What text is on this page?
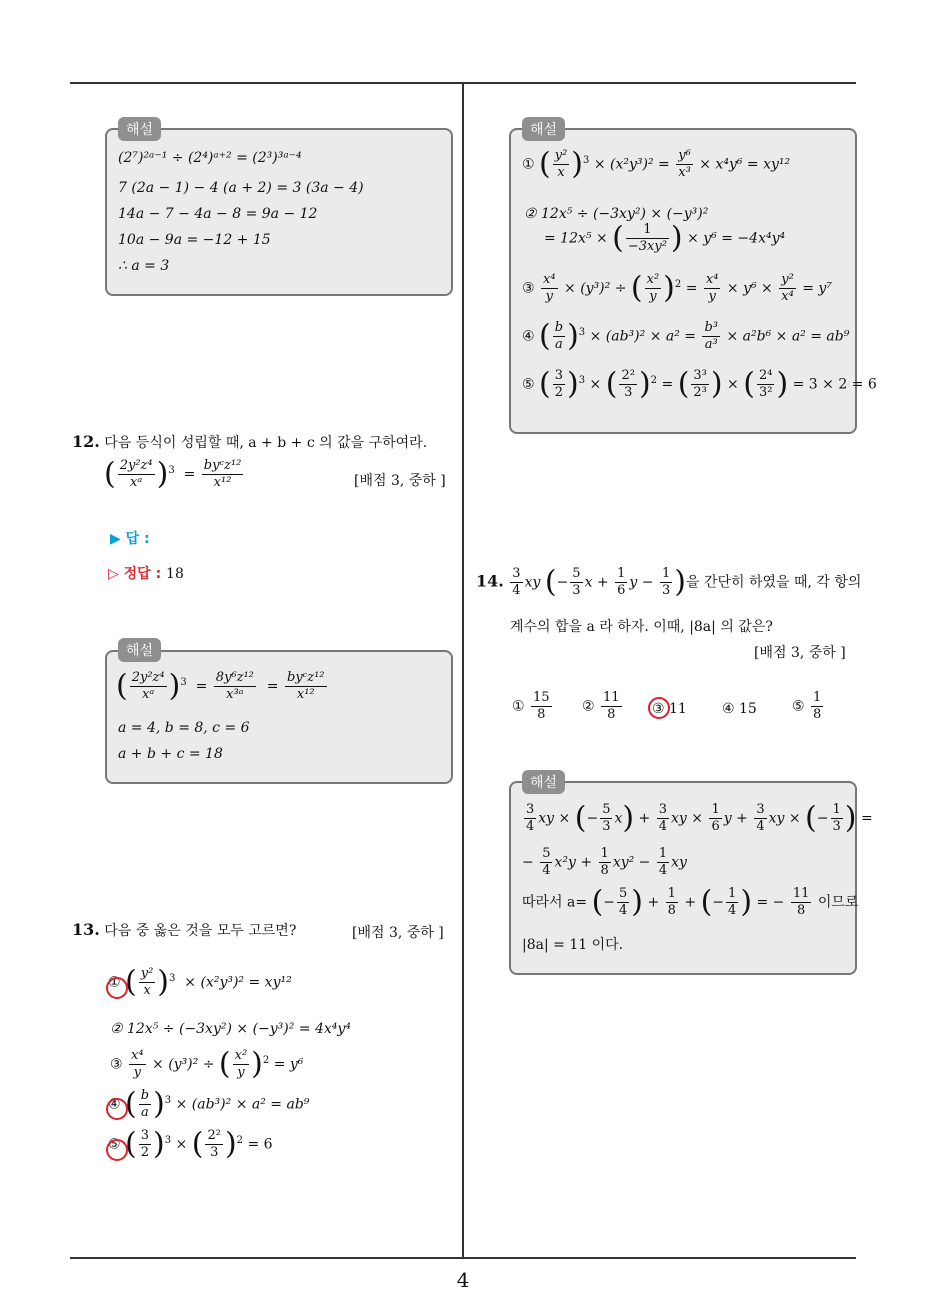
해설
(2⁷)²ᵃ⁻¹ ÷ (2⁴)ᵃ⁺² = (2³)³ᵃ⁻⁴
7 (2a − 1) − 4 (a + 2) = 3 (3a − 4)
14a − 7 − 4a − 8 = 9a − 12
10a − 9a = −12 + 15
∴ a = 3
12. 다음 등식이 성립할 때, a + b + c 의 값을 구하여라.
( $\frac{\text{2y²z⁴}}{\text{xᵃ}} )^3 = \frac{\text{byᶜz¹²}}{\text{x¹²}}$	[배점 3, 중하 ]
▶ 답 :
▷ 정답 : 18
해설
( $\frac{\text{2y²z⁴}}{\text{xᵃ}} )^3 = \frac{\text{8y⁶z¹²}}{\text{x³ᵃ}} = \frac{\text{byᶜz¹²}}{\text{x¹²}}$
a = 4, b = 8, c = 6
a + b + c = 18
13. 다음 중 옳은 것을 모두 고르면?	[배점 3, 중하 ]
① ( $\frac{\text{y²}}{x} )^3 \times (x^2y^3)^2 = xy^{12}$
② 12x⁵ ÷ (−3xy²) × (−y³)² = 4x⁴y⁴
③ $\frac{\text{x⁴}}{y} \times (y^3)^2$ ÷ ( $\frac{\text{x²}}{y} )^2 = y^6$
④ ( $\frac{b}{a} )^3 \times (ab^3)^2 \times a^2 = ab^9$
⑤ ( $\frac{3}{2} )^3$ × ( $\frac{\text{2²}}{3} )^2 = 6$
해설
① ( $\frac{\text{y²}}{x} )^3 \times (x^2y^3)^2 = \frac{\text{y⁶}}{\text{x³}} \times x^4y^6 = xy^{12}$
② 12x⁵ ÷ (−3xy²) × (−y³)²
= 12x⁵ × ( $\frac{1}{\text{−3xy²}}$ ) × y⁶ = −4x⁴y⁴
③ $\frac{\text{x⁴}}{y} \times (y^3)^2$ ÷ ( $\frac{\text{x²}}{y} )^2 = \frac{\text{x⁴}}{y} \times y^6 \times \frac{\text{y²}}{\text{x⁴}} = y^7$
④ ( $\frac{b}{a} )^3 \times (ab^3)^2 \times a^2 = \frac{\text{b³}}{\text{a³}} \times a^2b^6 \times a^2 = ab^9$
⑤ ( $\frac{3}{2} )^3$ × ( $\frac{\text{2²}}{3} )^2$ = ( $\frac{\text{3³}}{\text{2³}}$ ) × ( $\frac{\text{2⁴}}{\text{3²}}$ ) = 3 × 2 = 6
14. $\frac{3}{4}$ xy (− $\frac{5}{3}$ $x + \frac{1}{6}$ $y - \frac{1}{3}$ )을 간단히 하였을 때, 각 항의
계수의 합을 a 라 하자. 이때, |8a| 의 값은?
[배점 3, 중하 ]
① $\frac{15}{8}$ ② $\frac{11}{8}$ ③ 11	④ 15	⑤ $\frac{1}{8}$
해설
$\frac{3}{4}$ xy × (− $\frac{5}{3} x) + \frac{3}{4}$ xy × $\frac{1}{6}$ $y + \frac{3}{4}$ xy × (− $\frac{1}{3}$ ) =
− $\frac{5}{4} x^2y + \frac{1}{8} xy^2 - \frac{1}{4}$ xy
따라서 a= (− $\frac{5}{4}$ ) + $\frac{1}{8}$ + (− $\frac{1}{4}$ ) = − $\frac{11}{8}$ 이므로
|8a| = 11 이다.
4
